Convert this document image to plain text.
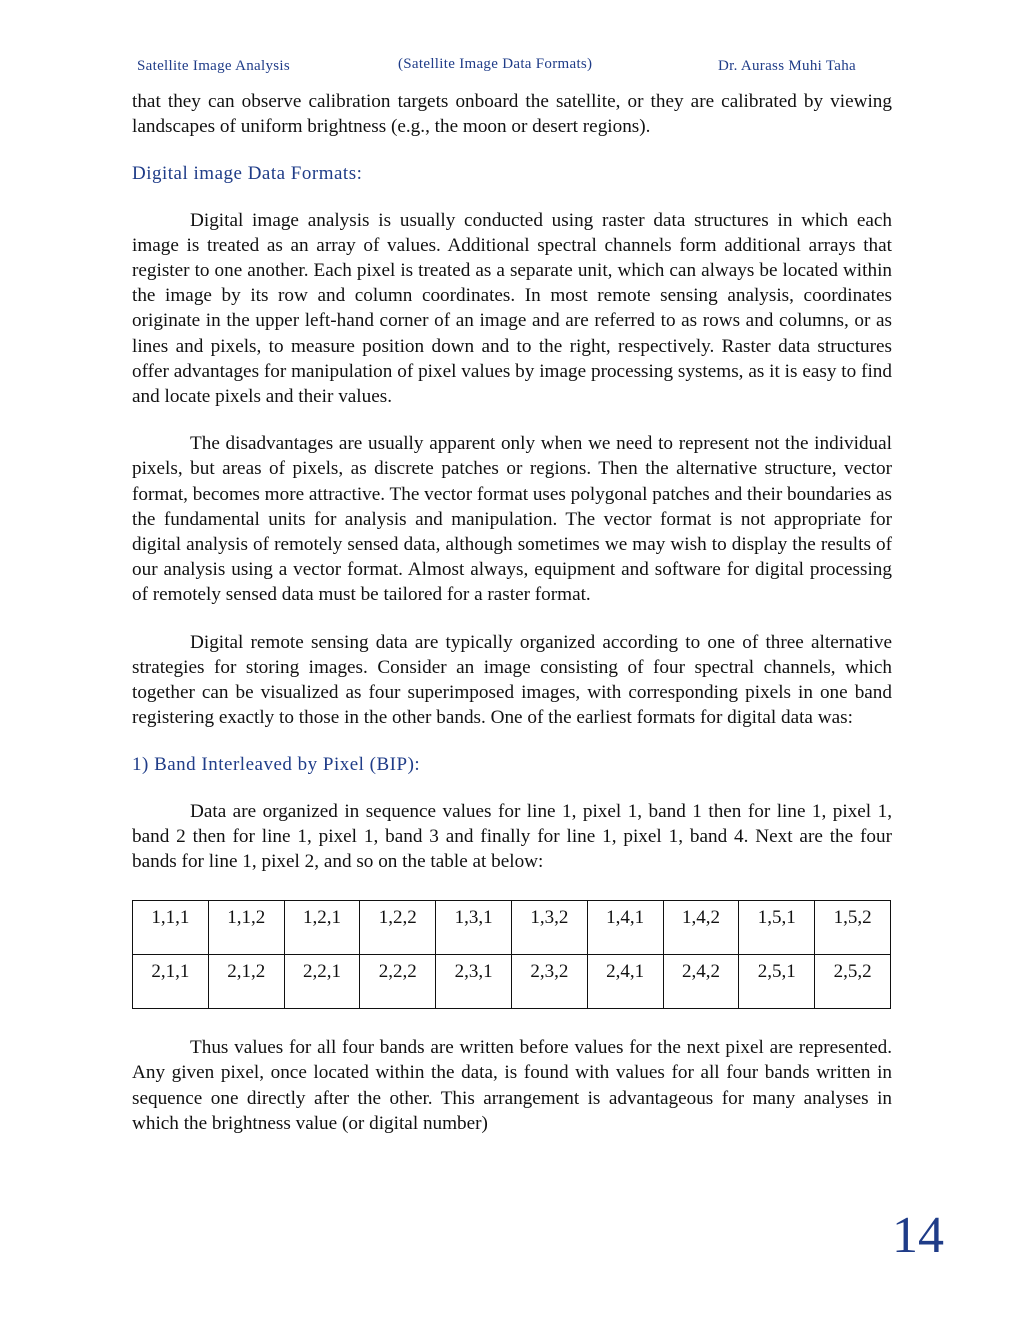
Satellite Image Analysis	(Satellite Image Data Formats)	Dr. Aurass Muhi Taha

that they can observe calibration targets onboard the satellite, or they are calibrated by viewing landscapes of uniform brightness (e.g., the moon or desert regions).

Digital image Data Formats:

Digital image analysis is usually conducted using raster data structures in which each image is treated as an array of values. Additional spectral channels form additional arrays that register to one another. Each pixel is treated as a separate unit, which can always be located within the image by its row and column coordinates. In most remote sensing analysis, coordinates originate in the upper left-hand corner of an image and are referred to as rows and columns, or as lines and pixels, to measure position down and to the right, respectively. Raster data structures offer advantages for manipulation of pixel values by image processing systems, as it is easy to find and locate pixels and their values.

The disadvantages are usually apparent only when we need to represent not the individual pixels, but areas of pixels, as discrete patches or regions. Then the alternative structure, vector format, becomes more attractive. The vector format uses polygonal patches and their boundaries as the fundamental units for analysis and manipulation. The vector format is not appropriate for digital analysis of remotely sensed data, although sometimes we may wish to display the results of our analysis using a vector format. Almost always, equipment and software for digital processing of remotely sensed data must be tailored for a raster format.

Digital remote sensing data are typically organized according to one of three alternative strategies for storing images. Consider an image consisting of four spectral channels, which together can be visualized as four superimposed images, with corresponding pixels in one band registering exactly to those in the other bands. One of the earliest formats for digital data was:

1) Band Interleaved by Pixel (BIP):

Data are organized in sequence values for line 1, pixel 1, band 1 then for line 1, pixel 1, band 2 then for line 1, pixel 1, band 3 and finally for line 1, pixel 1, band 4. Next are the four bands for line 1, pixel 2, and so on the table at below:

1,1,1	1,1,2	1,2,1	1,2,2	1,3,1	1,3,2	1,4,1	1,4,2	1,5,1	1,5,2
2,1,1	2,1,2	2,2,1	2,2,2	2,3,1	2,3,2	2,4,1	2,4,2	2,5,1	2,5,2

Thus values for all four bands are written before values for the next pixel are represented. Any given pixel, once located within the data, is found with values for all four bands written in sequence one directly after the other. This arrangement is advantageous for many analyses in which the brightness value (or digital number)

14
